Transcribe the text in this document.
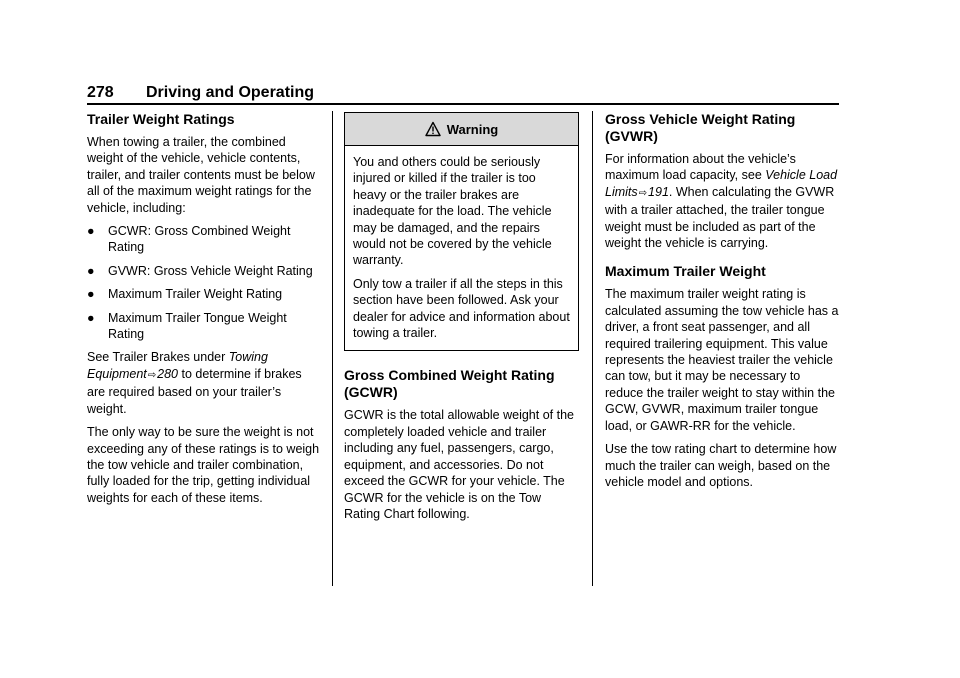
278 Driving and Operating
Trailer Weight Ratings

When towing a trailer, the combined weight of the vehicle, vehicle contents, trailer, and trailer contents must be below all of the maximum weight ratings for the vehicle, including:

● GCWR: Gross Combined Weight Rating
● GVWR: Gross Vehicle Weight Rating
● Maximum Trailer Weight Rating
● Maximum Trailer Tongue Weight Rating

See Trailer Brakes under Towing Equipment⇨280 to determine if brakes are required based on your trailer’s weight.

The only way to be sure the weight is not exceeding any of these ratings is to weigh the tow vehicle and trailer combination, fully loaded for the trip, getting individual weights for each of these items.

Warning

You and others could be seriously injured or killed if the trailer is too heavy or the trailer brakes are inadequate for the load. The vehicle may be damaged, and the repairs would not be covered by the vehicle warranty.

Only tow a trailer if all the steps in this section have been followed. Ask your dealer for advice and information about towing a trailer.

Gross Combined Weight Rating (GCWR)

GCWR is the total allowable weight of the completely loaded vehicle and trailer including any fuel, passengers, cargo, equipment, and accessories. Do not exceed the GCWR for your vehicle. The GCWR for the vehicle is on the Tow Rating Chart following.

Gross Vehicle Weight Rating (GVWR)

For information about the vehicle’s maximum load capacity, see Vehicle Load Limits⇨191. When calculating the GVWR with a trailer attached, the trailer tongue weight must be included as part of the weight the vehicle is carrying.

Maximum Trailer Weight

The maximum trailer weight rating is calculated assuming the tow vehicle has a driver, a front seat passenger, and all required trailering equipment. This value represents the heaviest trailer the vehicle can tow, but it may be necessary to reduce the trailer weight to stay within the GCW, GVWR, maximum trailer tongue load, or GAWR-RR for the vehicle.

Use the tow rating chart to determine how much the trailer can weigh, based on the vehicle model and options.
